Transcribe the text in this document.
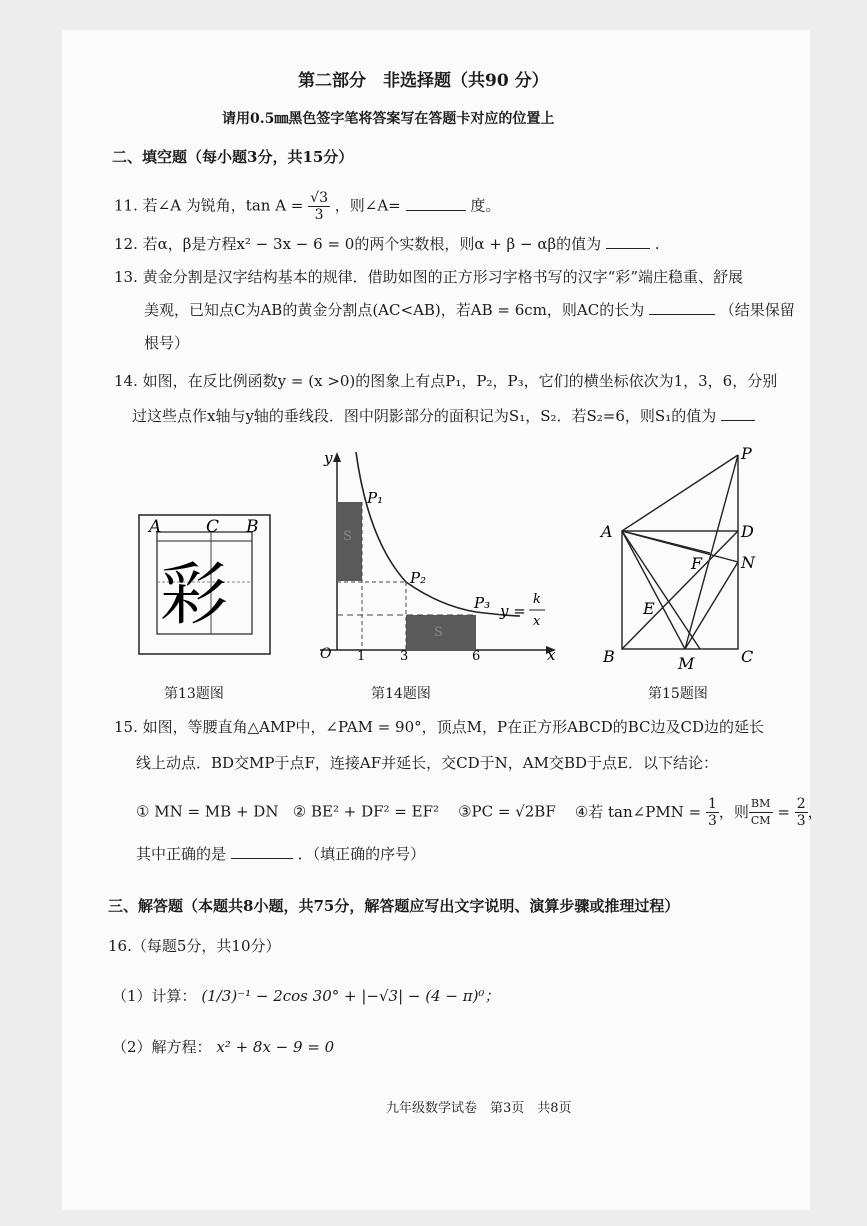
第二部分　非选择题（共90 分）
请用0.5㎜黑色签字笔将答案写在答题卡对应的位置上
二、填空题（每小题3分，共15分）
11. 若∠A 为锐角，$\tan A = \frac{√3}{3}$ ，则∠A=	度。
12. 若α，β是方程x² − 3x − 6 = 0的两个实数根，则α + β − αβ的值为	.
13. 黄金分割是汉字结构基本的规律．借助如图的正方形习字格书写的汉字“彩”端庄稳重、舒展
美观，已知点C为AB的黄金分割点(AC<AB)，若AB = 6cm，则AC的长为	（结果保留
根号）
14. 如图，在反比例函数y = (x >0)的图象上有点P₁，P₂，P₃，它们的横坐标依次为1，3，6，分别
过这些点作x轴与y轴的垂线段．图中阴影部分的面积记为S₁，S₂．若S₂=6，则S₁的值为
A	C B
彩
y
O	x
1	3	6
P₁
P₂
P₃
S
S
y =
k
x
P
A	D
F N
E
B	M	C
第13题图	第14题图	第15题图
15. 如图，等腰直角△AMP中，∠PAM = 90°，顶点M，P在正方形ABCD的BC边及CD边的延长
线上动点．BD交MP于点F，连接AF并延长，交CD于N，AM交BD于点E．以下结论：
① MN = MB + DN ② BE² + DF² = EF² ③PC = √2BF ④若 tan∠PMN = $\frac{1}{3}$ ，则 $\frac{BM}{CM} = \frac{2}{3}$ ，
其中正确的是	．（填正确的序号）
三、解答题（本题共8小题，共75分，解答题应写出文字说明、演算步骤或推理过程）
16.（每题5分，共10分）
（1）计算： (1/3)⁻¹ − 2cos 30° + |−√3| − (4 − π)⁰；
（2）解方程： x² + 8x − 9 = 0
九年级数学试卷　第3页　共8页
